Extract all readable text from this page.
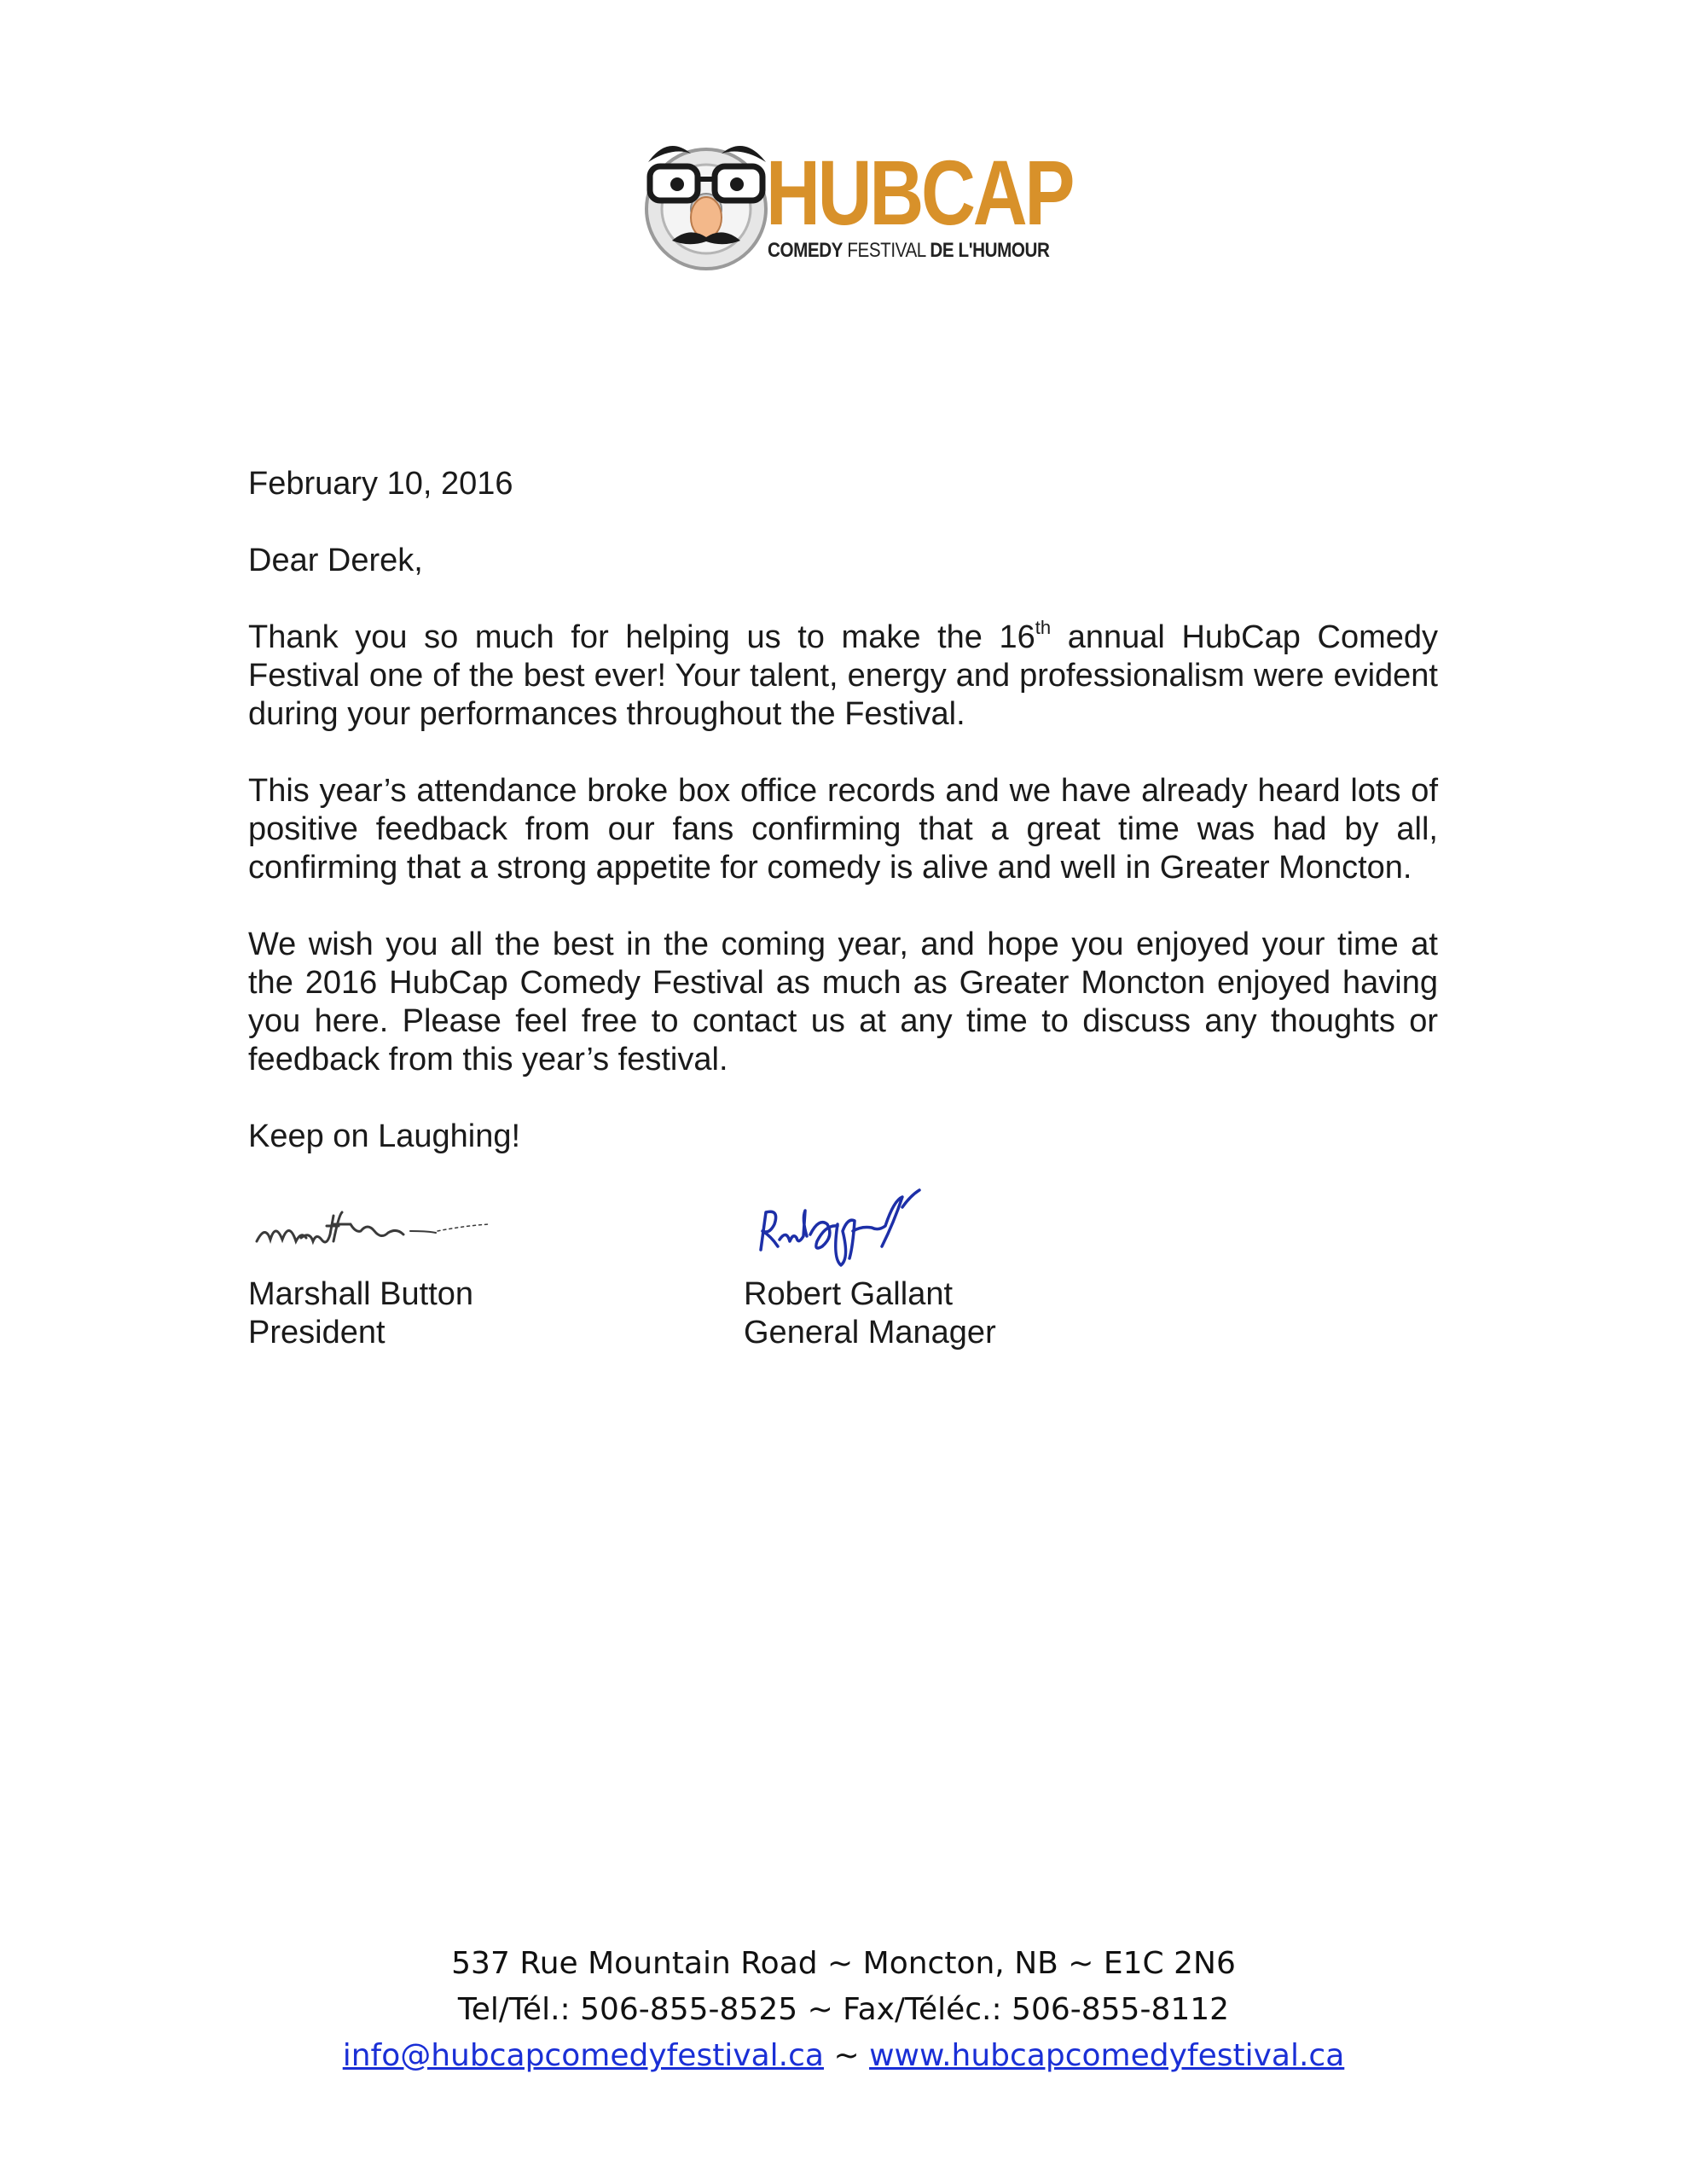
HUBCAP
COMEDY FESTIVAL DE L'HUMOUR

February 10, 2016

Dear Derek,

Thank you so much for helping us to make the 16th annual HubCap Comedy Festival one of the best ever! Your talent, energy and professionalism were evident during your performances throughout the Festival.

This year’s attendance broke box office records and we have already heard lots of positive feedback from our fans confirming that a great time was had by all, confirming that a strong appetite for comedy is alive and well in Greater Moncton.

We wish you all the best in the coming year, and hope you enjoyed your time at the 2016 HubCap Comedy Festival as much as Greater Moncton enjoyed having you here. Please feel free to contact us at any time to discuss any thoughts or feedback from this year’s festival.

Keep on Laughing!

Marshall Button
President
Robert Gallant
General Manager
537 Rue Mountain Road ~ Moncton, NB ~ E1C 2N6
Tel/Tél.: 506-855-8525 ~ Fax/Téléc.: 506-855-8112
info@hubcapcomedyfestival.ca ~ www.hubcapcomedyfestival.ca
